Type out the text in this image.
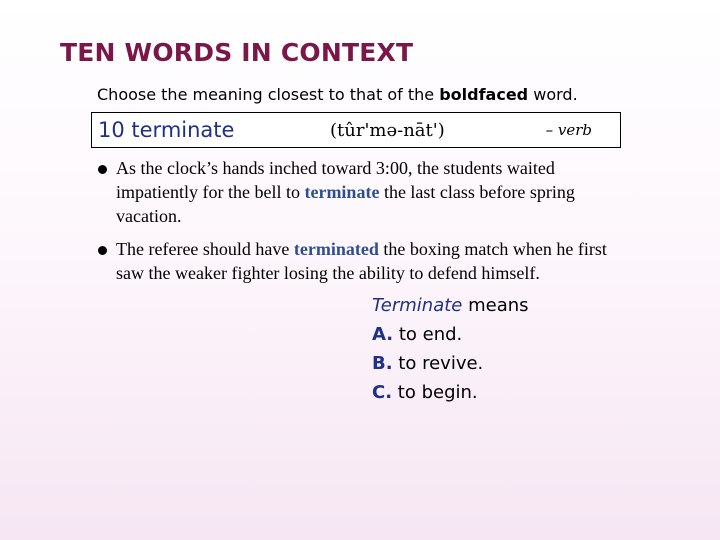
TEN WORDS IN CONTEXT
Choose the meaning closest to that of the boldfaced word.
10 terminate	(tûr'mə-nāt')	– verb
As the clock’s hands inched toward 3:00, the students waited impatiently for the bell to terminate the last class before spring vacation.
The referee should have terminated the boxing match when he first saw the weaker fighter losing the ability to defend himself.
Terminate means
A. to end.
B. to revive.
C. to begin.
